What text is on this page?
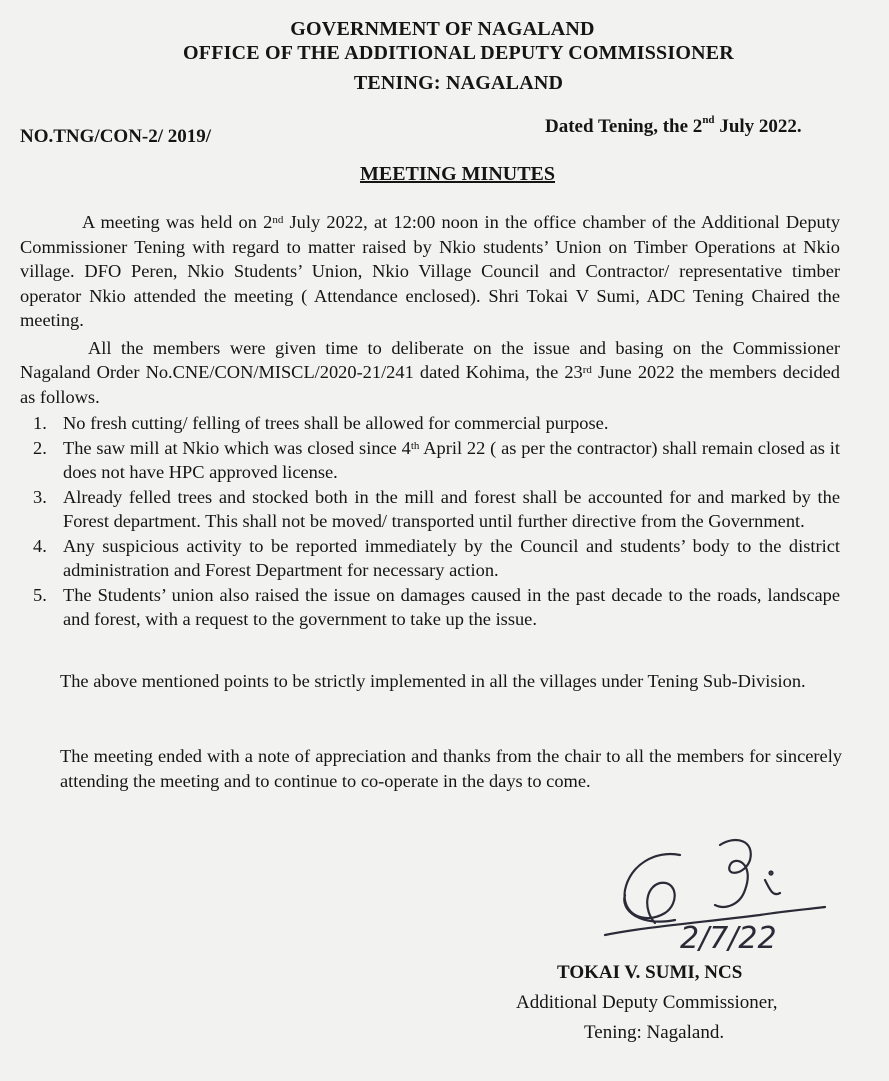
GOVERNMENT OF NAGALAND
OFFICE OF THE ADDITIONAL DEPUTY COMMISSIONER
TENING: NAGALAND
NO.TNG/CON-2/ 2019/	Dated Tening, the 2nd July 2022.
MEETING MINUTES

A meeting was held on 2nd July 2022, at 12:00 noon in the office chamber of the Additional Deputy Commissioner Tening with regard to matter raised by Nkio students’ Union on Timber Operations at Nkio village. DFO Peren, Nkio Students’ Union, Nkio Village Council and Contractor/ representative timber operator Nkio attended the meeting ( Attendance enclosed). Shri Tokai V Sumi, ADC Tening Chaired the meeting.

All the members were given time to deliberate on the issue and basing on the Commissioner Nagaland Order No.CNE/CON/MISCL/2020-21/241 dated Kohima, the 23rd June 2022 the members decided as follows.

1. No fresh cutting/ felling of trees shall be allowed for commercial purpose.
2. The saw mill at Nkio which was closed since 4th April 22 ( as per the contractor) shall remain closed as it does not have HPC approved license.
3. Already felled trees and stocked both in the mill and forest shall be accounted for and marked by the Forest department. This shall not be moved/ transported until further directive from the Government.
4. Any suspicious activity to be reported immediately by the Council and students’ body to the district administration and Forest Department for necessary action.
5. The Students’ union also raised the issue on damages caused in the past decade to the roads, landscape and forest, with a request to the government to take up the issue.
The above mentioned points to be strictly implemented in all the villages under Tening Sub-Division.
The meeting ended with a note of appreciation and thanks from the chair to all the members for sincerely attending the meeting and to continue to co-operate in the days to come.
2/7/22
TOKAI V. SUMI, NCS
Additional Deputy Commissioner,
Tening: Nagaland.
